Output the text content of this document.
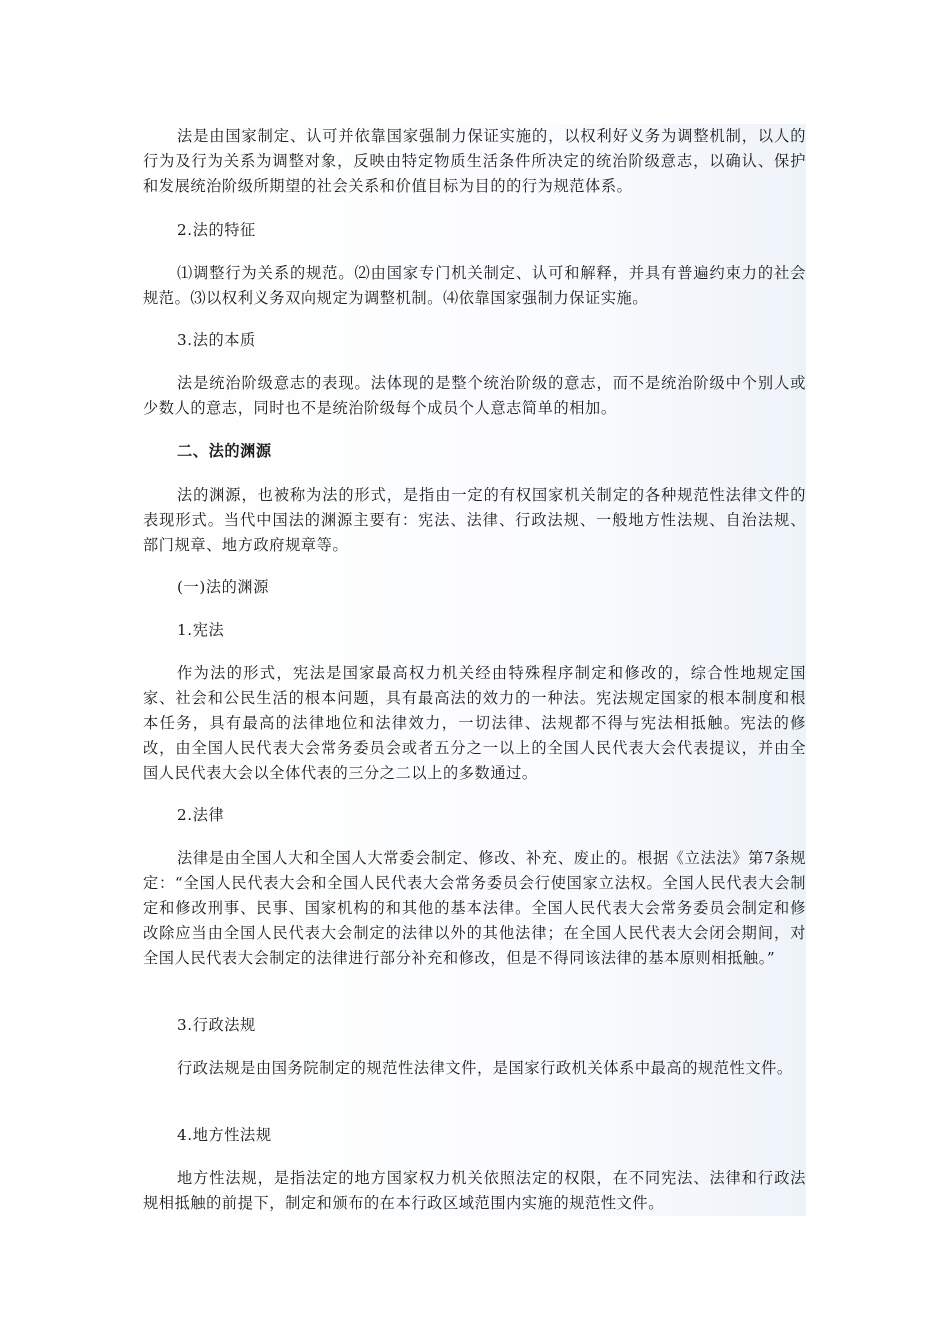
法是由国家制定、认可并依靠国家强制力保证实施的，以权利好义务为调整机制，以人的行为及行为关系为调整对象，反映由特定物质生活条件所决定的统治阶级意志，以确认、保护和发展统治阶级所期望的社会关系和价值目标为目的的行为规范体系。

2.法的特征

⑴调整行为关系的规范。⑵由国家专门机关制定、认可和解释，并具有普遍约束力的社会规范。⑶以权利义务双向规定为调整机制。⑷依靠国家强制力保证实施。

3.法的本质

法是统治阶级意志的表现。法体现的是整个统治阶级的意志，而不是统治阶级中个别人或少数人的意志，同时也不是统治阶级每个成员个人意志简单的相加。

二、法的渊源

法的渊源，也被称为法的形式，是指由一定的有权国家机关制定的各种规范性法律文件的表现形式。当代中国法的渊源主要有：宪法、法律、行政法规、一般地方性法规、自治法规、部门规章、地方政府规章等。

(一)法的渊源

1.宪法

作为法的形式，宪法是国家最高权力机关经由特殊程序制定和修改的，综合性地规定国家、社会和公民生活的根本问题，具有最高法的效力的一种法。宪法规定国家的根本制度和根本任务，具有最高的法律地位和法律效力，一切法律、法规都不得与宪法相抵触。宪法的修改，由全国人民代表大会常务委员会或者五分之一以上的全国人民代表大会代表提议，并由全国人民代表大会以全体代表的三分之二以上的多数通过。

2.法律

法律是由全国人大和全国人大常委会制定、修改、补充、废止的。根据《立法法》第7条规定：“全国人民代表大会和全国人民代表大会常务委员会行使国家立法权。全国人民代表大会制定和修改刑事、民事、国家机构的和其他的基本法律。全国人民代表大会常务委员会制定和修改除应当由全国人民代表大会制定的法律以外的其他法律；在全国人民代表大会闭会期间，对全国人民代表大会制定的法律进行部分补充和修改，但是不得同该法律的基本原则相抵触。”

3.行政法规

行政法规是由国务院制定的规范性法律文件，是国家行政机关体系中最高的规范性文件。

4.地方性法规

地方性法规，是指法定的地方国家权力机关依照法定的权限，在不同宪法、法律和行政法规相抵触的前提下，制定和颁布的在本行政区域范围内实施的规范性文件。
